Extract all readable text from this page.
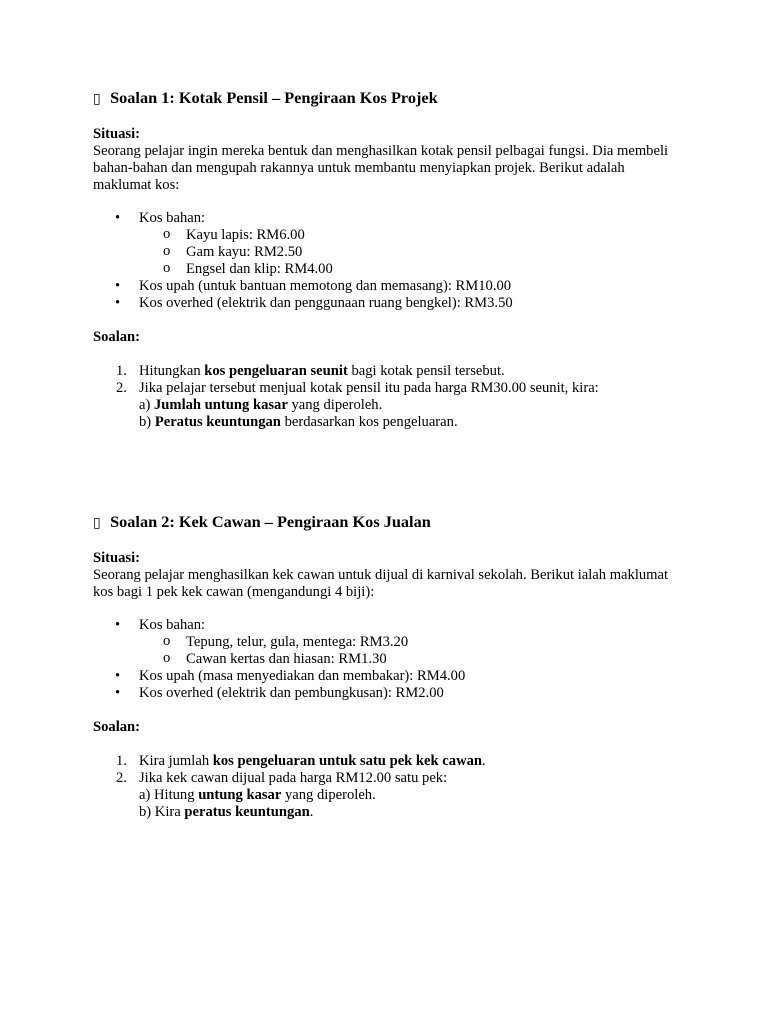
▯ Soalan 1: Kotak Pensil – Pengiraan Kos Projek

Situasi:

Seorang pelajar ingin mereka bentuk dan menghasilkan kotak pensil pelbagai fungsi. Dia membeli bahan-bahan dan mengupah rakannya untuk membantu menyiapkan projek. Berikut adalah maklumat kos:

• Kos bahan:
o Kayu lapis: RM6.00
o Gam kayu: RM2.50
o Engsel dan klip: RM4.00
• Kos upah (untuk bantuan memotong dan memasang): RM10.00
• Kos overhed (elektrik dan penggunaan ruang bengkel): RM3.50

Soalan:

1. Hitungkan kos pengeluaran seunit bagi kotak pensil tersebut.
2. Jika pelajar tersebut menjual kotak pensil itu pada harga RM30.00 seunit, kira:
a) Jumlah untung kasar yang diperoleh.
b) Peratus keuntungan berdasarkan kos pengeluaran.

▯ Soalan 2: Kek Cawan – Pengiraan Kos Jualan

Situasi:

Seorang pelajar menghasilkan kek cawan untuk dijual di karnival sekolah. Berikut ialah maklumat kos bagi 1 pek kek cawan (mengandungi 4 biji):

• Kos bahan:
o Tepung, telur, gula, mentega: RM3.20
o Cawan kertas dan hiasan: RM1.30
• Kos upah (masa menyediakan dan membakar): RM4.00
• Kos overhed (elektrik dan pembungkusan): RM2.00

Soalan:

1. Kira jumlah kos pengeluaran untuk satu pek kek cawan.
2. Jika kek cawan dijual pada harga RM12.00 satu pek:
a) Hitung untung kasar yang diperoleh.
b) Kira peratus keuntungan.
